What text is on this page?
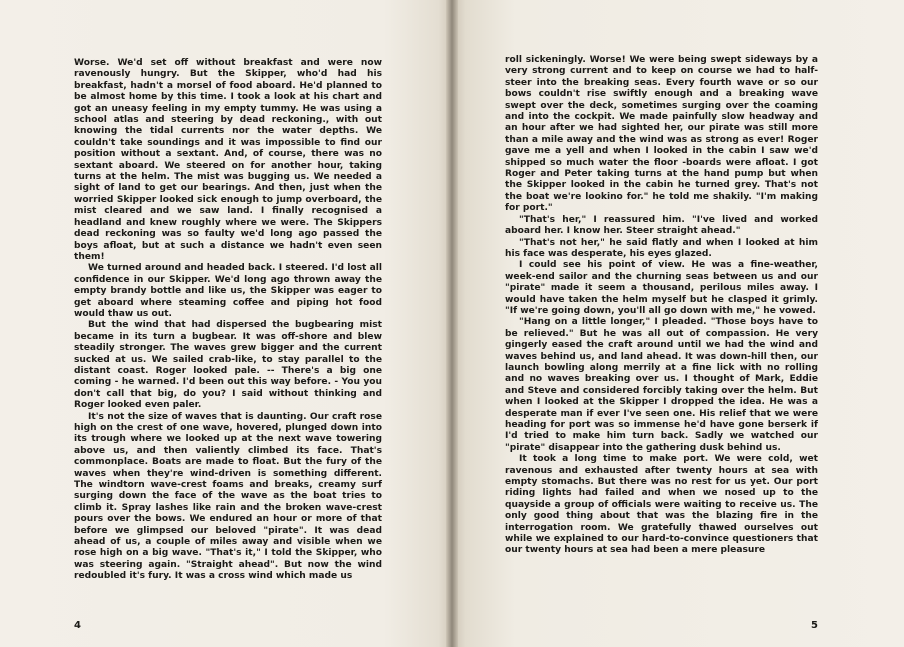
Worse. We'd set off without breakfast and were now ravenously hungry. But the Skipper, who'd had his breakfast, hadn't a morsel of food aboard. He'd planned to be almost home by this time. I took a look at his chart and got an uneasy feeling in my empty tummy. He was using a school atlas and steering by dead reckoning., with out knowing the tidal currents nor the water depths. We couldn't take soundings and it was impossible to find our position without a sextant. And, of course, there was no sextant aboard. We steered on for another hour, taking turns at the helm. The mist was bugging us. We needed a sight of land to get our bearings. And then, just when the worried Skipper looked sick enough to jump overboard, the mist cleared and we saw land. I finally recognised a headland and knew roughly where we were. The Skippers dead reckoning was so faulty we'd long ago passed the boys afloat, but at such a distance we hadn't even seen them!

We turned around and headed back. I steered. I'd lost all confidence in our Skipper. We'd long ago thrown away the empty brandy bottle and like us, the Skipper was eager to get aboard where steaming coffee and piping hot food would thaw us out.

But the wind that had dispersed the bugbearing mist became in its turn a bugbear. It was off-shore and blew steadily stronger. The waves grew bigger and the current sucked at us. We sailed crab-like, to stay parallel to the distant coast. Roger looked pale. -- There's a big one coming - he warned. I'd been out this way before. - You you don't call that big, do you? I said without thinking and Roger looked even paler.

It's not the size of waves that is daunting. Our craft rose high on the crest of one wave, hovered, plunged down into its trough where we looked up at the next wave towering above us, and then valiently climbed its face. That's commonplace. Boats are made to float. But the fury of the waves when they're wind-driven is something different. The windtorn wave-crest foams and breaks, creamy surf surging down the face of the wave as the boat tries to climb it. Spray lashes like rain and the broken wave-crest pours over the bows. We endured an hour or more of that before we glimpsed our beloved "pirate". It was dead ahead of us, a couple of miles away and visible when we rose high on a big wave. "That's it," I told the Skipper, who was steering again. "Straight ahead". But now the wind redoubled it's fury. It was a cross wind which made us

4

roll sickeningly. Worse! We were being swept sideways by a very strong current and to keep on course we had to half-steer into the breaking seas. Every fourth wave or so our bows couldn't rise swiftly enough and a breaking wave swept over the deck, sometimes surging over the coaming and into the cockpit. We made painfully slow headway and an hour after we had sighted her, our pirate was still more than a mile away and the wind was as strong as ever! Roger gave me a yell and when I looked in the cabin I saw we'd shipped so much water the floor -boards were afloat. I got Roger and Peter taking turns at the hand pump but when the Skipper looked in the cabin he turned grey. That's not the boat we're lookino for." he told me shakily. "I'm making for port."

"That's her," I reassured him. "I've lived and worked aboard her. I know her. Steer straight ahead."

"That's not her," he said flatly and when I looked at him his face was desperate, his eyes glazed.

I could see his point of view. He was a fine-weather, week-end sailor and the churning seas between us and our "pirate" made it seem a thousand, perilous miles away. I would have taken the helm myself but he clasped it grimly. "If we're going down, you'll all go down with me," he vowed.

"Hang on a little longer," I pleaded. "Those boys have to be relieved." But he was all out of compassion. He very gingerly eased the craft around until we had the wind and waves behind us, and land ahead. It was down-hill then, our launch bowling along merrily at a fine lick with no rolling and no waves breaking over us. I thought of Mark, Eddie and Steve and considered forcibly taking over the helm. But when I looked at the Skipper I dropped the idea. He was a desperate man if ever I've seen one. His relief that we were heading for port was so immense he'd have gone berserk if I'd tried to make him turn back. Sadly we watched our "pirate" disappear into the gathering dusk behind us.

It took a long time to make port. We were cold, wet ravenous and exhausted after twenty hours at sea with empty stomachs. But there was no rest for us yet. Our port riding lights had failed and when we nosed up to the quayside a group of officials were waiting to receive us. The only good thing about that was the blazing fire in the interrogation room. We gratefully thawed ourselves out while we explained to our hard-to-convince questioners that our twenty hours at sea had been a mere pleasure

5
